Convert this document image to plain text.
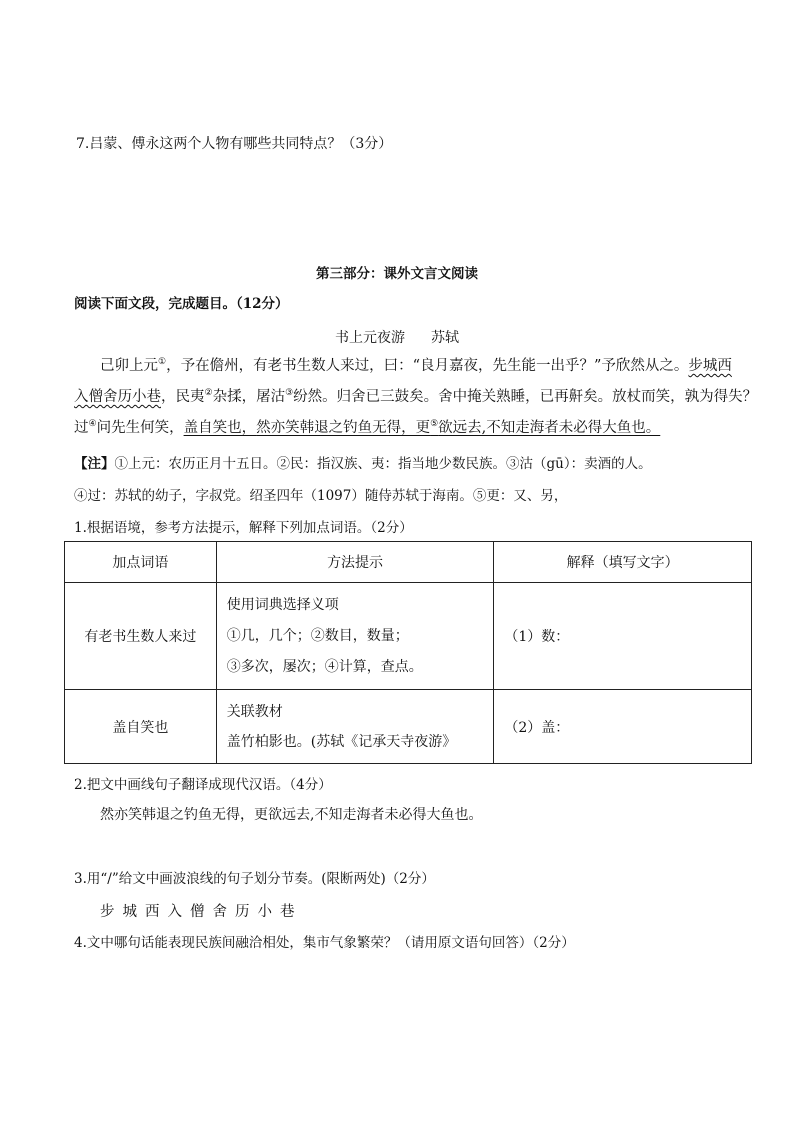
7.吕蒙、傅永这两个人物有哪些共同特点？（3分）
第三部分：课外文言文阅读
阅读下面文段，完成题目。（12分）
书上元夜游 苏轼
己卯上元①，予在儋州，有老书生数人来过，曰：“良月嘉夜，先生能一出乎？”予欣然从之。步城西
入僧舍历小巷，民夷②杂揉，屠沽③纷然。归舍已三鼓矣。舍中掩关熟睡，已再鼾矣。放杖而笑，孰为得失？
过④问先生何笑，盖自笑也，然亦笑韩退之钓鱼无得，更⑤欲远去,不知走海者未必得大鱼也。
【注】①上元：农历正月十五日。②民：指汉族、夷：指当地少数民族。③沽（gū）：卖酒的人。
④过：苏轼的幼子，字叔党。绍圣四年（1097）随侍苏轼于海南。⑤更：又、另，
1.根据语境，参考方法提示，解释下列加点词语。（2分）
加点词语	方法提示	解释（填写文字）
有老书生数人来过	使用词典选择义项
①几，几个；②数目，数量；
③多次，屡次；④计算，查点。	（1）数：
盖自笑也	关联教材
盖竹柏影也。(苏轼《记承天寺夜游》	（2）盖：
2.把文中画线句子翻译成现代汉语。（4分）
然亦笑韩退之钓鱼无得，更欲远去,不知走海者未必得大鱼也。
3.用“/”给文中画波浪线的句子划分节奏。(限断两处)（2分）
步城西入僧舍历小巷
4.文中哪句话能表现民族间融洽相处，集市气象繁荣？（请用原文语句回答）（2分）
